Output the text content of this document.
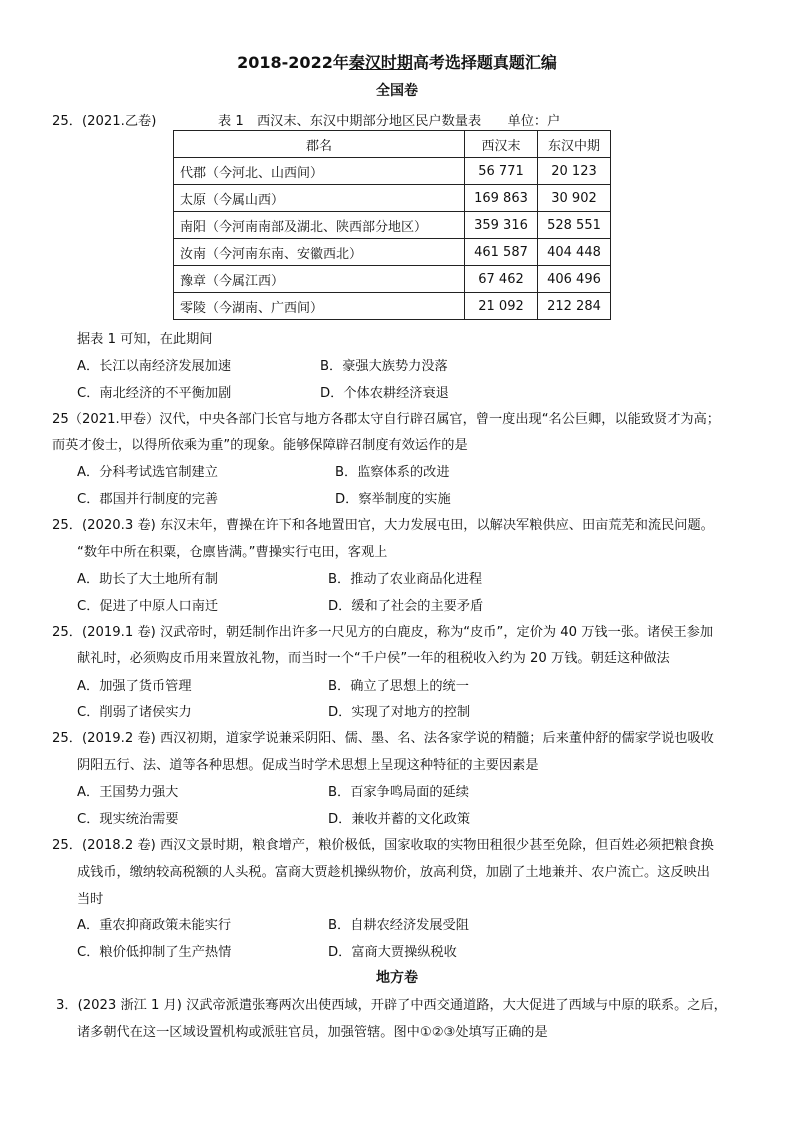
2018-2022年秦汉时期高考选择题真题汇编
全国卷
25．(2021.乙卷)	表 1　西汉末、东汉中期部分地区民户数量表　　单位：户
郡名	西汉末	东汉中期
代郡（今河北、山西间）	56 771	20 123
太原（今属山西）	169 863	30 902
南阳（今河南南部及湖北、陕西部分地区）	359 316	528 551
汝南（今河南东南、安徽西北）	461 587	404 448
豫章（今属江西）	67 462	406 496
零陵（今湖南、广西间）	21 092	212 284
据表 1 可知，在此期间
A．长江以南经济发展加速	B．豪强大族势力没落
C．南北经济的不平衡加剧	D．个体农耕经济衰退
25（2021.甲卷）汉代，中央各部门长官与地方各郡太守自行辟召属官，曾一度出现“名公巨卿，以能致贤才为高；
而英才俊士，以得所依乘为重”的现象。能够保障辟召制度有效运作的是
A．分科考试选官制建立	B．监察体系的改进
C．郡国并行制度的完善	D．察举制度的实施
25．(2020.3 卷) 东汉末年，曹操在许下和各地置田官，大力发展屯田，以解决军粮供应、田亩荒芜和流民问题。
“数年中所在积粟，仓廪皆满。”曹操实行屯田，客观上
A．助长了大土地所有制	B．推动了农业商品化进程
C．促进了中原人口南迁	D．缓和了社会的主要矛盾
25．(2019.1 卷) 汉武帝时，朝廷制作出许多一尺见方的白鹿皮，称为“皮币”，定价为 40 万钱一张。诸侯王参加
献礼时，必须购皮币用来置放礼物，而当时一个“千户侯”一年的租税收入约为 20 万钱。朝廷这种做法
A．加强了货币管理	B．确立了思想上的统一
C．削弱了诸侯实力	D．实现了对地方的控制
25．(2019.2 卷) 西汉初期，道家学说兼采阴阳、儒、墨、名、法各家学说的精髓；后来董仲舒的儒家学说也吸收
阴阳五行、法、道等各种思想。促成当时学术思想上呈现这种特征的主要因素是
A．王国势力强大	B．百家争鸣局面的延续
C．现实统治需要	D．兼收并蓄的文化政策
25．(2018.2 卷) 西汉文景时期，粮食增产，粮价极低，国家收取的实物田租很少甚至免除，但百姓必须把粮食换
成钱币，缴纳较高税额的人头税。富商大贾趁机操纵物价，放高利贷，加剧了土地兼并、农户流亡。这反映出
当时
A．重农抑商政策未能实行	B．自耕农经济发展受阻
C．粮价低抑制了生产热情	D．富商大贾操纵税收
地方卷
3．(2023 浙江 1 月) 汉武帝派遣张骞两次出使西域，开辟了中西交通道路，大大促进了西域与中原的联系。之后，
诸多朝代在这一区域设置机构或派驻官员，加强管辖。图中①②③处填写正确的是
